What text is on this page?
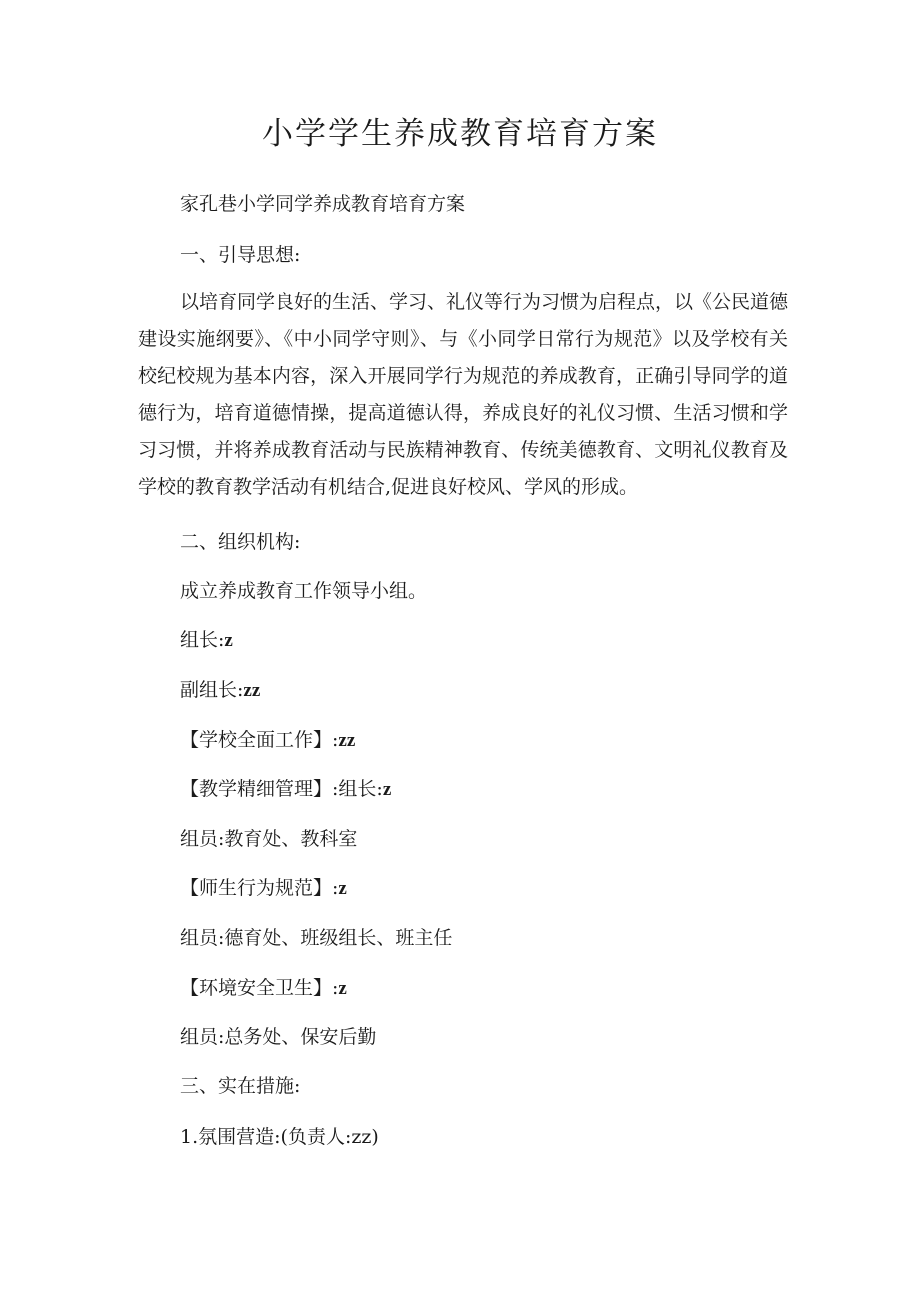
小学学生养成教育培育方案
家孔巷小学同学养成教育培育方案
一、引导思想:
以培育同学良好的生活、学习、礼仪等行为习惯为启程点，以《公民道德建设实施纲要》、《中小同学守则》、与《小同学日常行为规范》以及学校有关校纪校规为基本内容，深入开展同学行为规范的养成教育，正确引导同学的道德行为，培育道德情操，提高道德认得，养成良好的礼仪习惯、生活习惯和学习习惯，并将养成教育活动与民族精神教育、传统美德教育、文明礼仪教育及学校的教育教学活动有机结合,促进良好校风、学风的形成。
二、组织机构:
成立养成教育工作领导小组。
组长:z
副组长:zz
【学校全面工作】:zz
【教学精细管理】:组长:z
组员:教育处、教科室
【师生行为规范】:z
组员:德育处、班级组长、班主任
【环境安全卫生】:z
组员:总务处、保安后勤
三、实在措施:
1.氛围营造:(负责人:zz)
